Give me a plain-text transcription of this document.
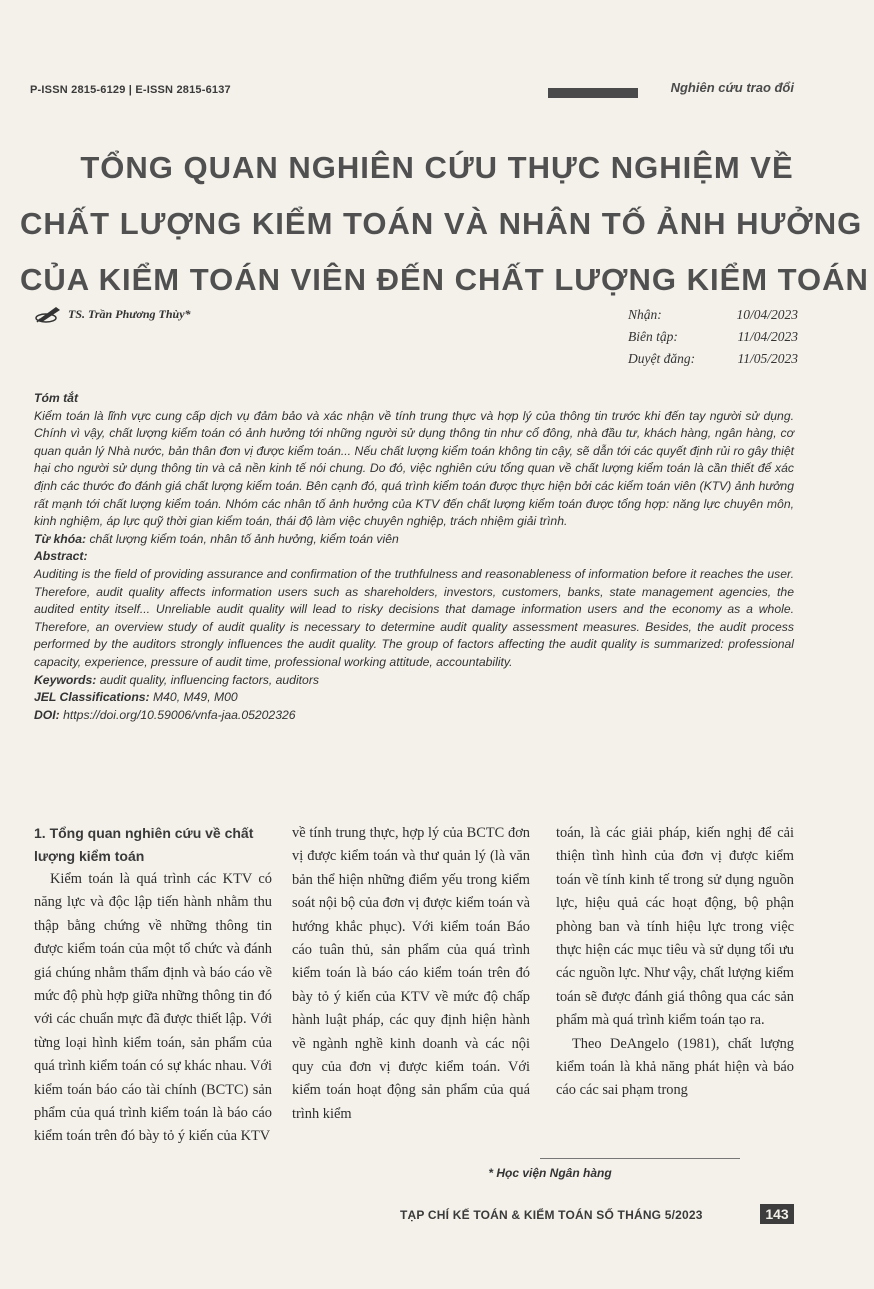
P-ISSN 2815-6129 | E-ISSN 2815-6137	Nghiên cứu trao đổi
TỔNG QUAN NGHIÊN CỨU THỰC NGHIỆM VỀ
CHẤT LƯỢNG KIỂM TOÁN VÀ NHÂN TỐ ẢNH HƯỞNG
CỦA KIỂM TOÁN VIÊN ĐẾN CHẤT LƯỢNG KIỂM TOÁN
TS. Trần Phương Thùy*	Nhận:	10/04/2023
Biên tập:	11/04/2023
Duyệt đăng:	11/05/2023

Tóm tắt

Kiểm toán là lĩnh vực cung cấp dịch vụ đảm bảo và xác nhận về tính trung thực và hợp lý của thông tin trước khi đến tay người sử dụng. Chính vì vậy, chất lượng kiểm toán có ảnh hưởng tới những người sử dụng thông tin như cổ đông, nhà đầu tư, khách hàng, ngân hàng, cơ quan quản lý Nhà nước, bản thân đơn vị được kiểm toán... Nếu chất lượng kiểm toán không tin cậy, sẽ dẫn tới các quyết định rủi ro gây thiệt hại cho người sử dụng thông tin và cả nền kinh tế nói chung. Do đó, việc nghiên cứu tổng quan về chất lượng kiểm toán là cần thiết để xác định các thước đo đánh giá chất lượng kiểm toán. Bên cạnh đó, quá trình kiểm toán được thực hiện bởi các kiểm toán viên (KTV) ảnh hưởng rất mạnh tới chất lượng kiểm toán. Nhóm các nhân tố ảnh hưởng của KTV đến chất lượng kiểm toán được tổng hợp: năng lực chuyên môn, kinh nghiệm, áp lực quỹ thời gian kiểm toán, thái độ làm việc chuyên nghiệp, trách nhiệm giải trình.

Từ khóa: chất lượng kiểm toán, nhân tố ảnh hưởng, kiểm toán viên

Abstract:

Auditing is the field of providing assurance and confirmation of the truthfulness and reasonableness of information before it reaches the user. Therefore, audit quality affects information users such as shareholders, investors, customers, banks, state management agencies, the audited entity itself... Unreliable audit quality will lead to risky decisions that damage information users and the economy as a whole. Therefore, an overview study of audit quality is necessary to determine audit quality assessment measures. Besides, the audit process performed by the auditors strongly influences the audit quality. The group of factors affecting the audit quality is summarized: professional capacity, experience, pressure of audit time, professional working attitude, accountability.

Keywords: audit quality, influencing factors, auditors

JEL Classifications: M40, M49, M00

DOI: https://doi.org/10.59006/vnfa-jaa.05202326

1. Tổng quan nghiên cứu về chất lượng kiểm toán

Kiểm toán là quá trình các KTV có năng lực và độc lập tiến hành nhằm thu thập bằng chứng về những thông tin được kiểm toán của một tổ chức và đánh giá chúng nhằm thẩm định và báo cáo về mức độ phù hợp giữa những thông tin đó với các chuẩn mực đã được thiết lập. Với từng loại hình kiểm toán, sản phẩm của quá trình kiểm toán có sự khác nhau. Với kiểm toán báo cáo tài chính (BCTC) sản phẩm của quá trình kiểm toán là báo cáo kiểm toán trên đó bày tỏ ý kiến của KTV

về tính trung thực, hợp lý của BCTC đơn vị được kiểm toán và thư quản lý (là văn bản thể hiện những điểm yếu trong kiểm soát nội bộ của đơn vị được kiểm toán và hướng khắc phục). Với kiểm toán Báo cáo tuân thủ, sản phẩm của quá trình kiểm toán là báo cáo kiểm toán trên đó bày tỏ ý kiến của KTV về mức độ chấp hành luật pháp, các quy định hiện hành về ngành nghề kinh doanh và các nội quy của đơn vị được kiểm toán. Với kiểm toán hoạt động sản phẩm của quá trình kiểm

toán, là các giải pháp, kiến nghị để cải thiện tình hình của đơn vị được kiểm toán về tính kinh tế trong sử dụng nguồn lực, hiệu quả các hoạt động, bộ phận phòng ban và tính hiệu lực trong việc thực hiện các mục tiêu và sử dụng tối ưu các nguồn lực. Như vậy, chất lượng kiểm toán sẽ được đánh giá thông qua các sản phẩm mà quá trình kiểm toán tạo ra.

Theo DeAngelo (1981), chất lượng kiểm toán là khả năng phát hiện và báo cáo các sai phạm trong

* Học viện Ngân hàng
TẠP CHÍ KẾ TOÁN & KIỂM TOÁN SỐ THÁNG 5/2023	143
